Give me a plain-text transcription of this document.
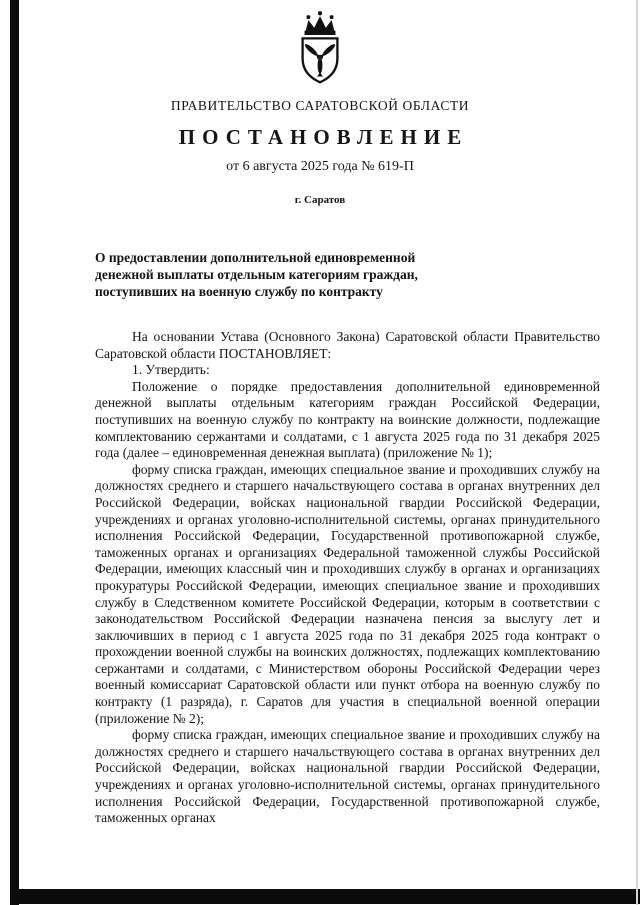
ПРАВИТЕЛЬСТВО САРАТОВСКОЙ ОБЛАСТИ
ПОСТАНОВЛЕНИЕ
от 6 августа 2025 года № 619-П
г. Саратов
О предоставлении дополнительной единовременной
денежной выплаты отдельным категориям граждан,
поступивших на военную службу по контракту

На основании Устава (Основного Закона) Саратовской области Правительство Саратовской области ПОСТАНОВЛЯЕТ:

1. Утвердить:

Положение о порядке предоставления дополнительной единовременной денежной выплаты отдельным категориям граждан Российской Федерации, поступивших на военную службу по контракту на воинские должности, подлежащие комплектованию сержантами и солдатами, с 1 августа 2025 года по 31 декабря 2025 года (далее – единовременная денежная выплата) (приложение № 1);

форму списка граждан, имеющих специальное звание и проходивших службу на должностях среднего и старшего начальствующего состава в органах внутренних дел Российской Федерации, войсках национальной гвардии Российской Федерации, учреждениях и органах уголовно-исполнительной системы, органах принудительного исполнения Российской Федерации, Государственной противопожарной службе, таможенных органах и организациях Федеральной таможенной службы Российской Федерации, имеющих классный чин и проходивших службу в органах и организациях прокуратуры Российской Федерации, имеющих специальное звание и проходивших службу в Следственном комитете Российской Федерации, которым в соответствии с законодательством Российской Федерации назначена пенсия за выслугу лет и заключивших в период с 1 августа 2025 года по 31 декабря 2025 года контракт о прохождении военной службы на воинских должностях, подлежащих комплектованию сержантами и солдатами, с Министерством обороны Российской Федерации через военный комиссариат Саратовской области или пункт отбора на военную службу по контракту (1 разряда), г. Саратов для участия в специальной военной операции (приложение № 2);

форму списка граждан, имеющих специальное звание и проходивших службу на должностях среднего и старшего начальствующего состава в органах внутренних дел Российской Федерации, войсках национальной гвардии Российской Федерации, учреждениях и органах уголовно-исполнительной системы, органах принудительного исполнения Российской Федерации, Государственной противопожарной службе, таможенных органах
